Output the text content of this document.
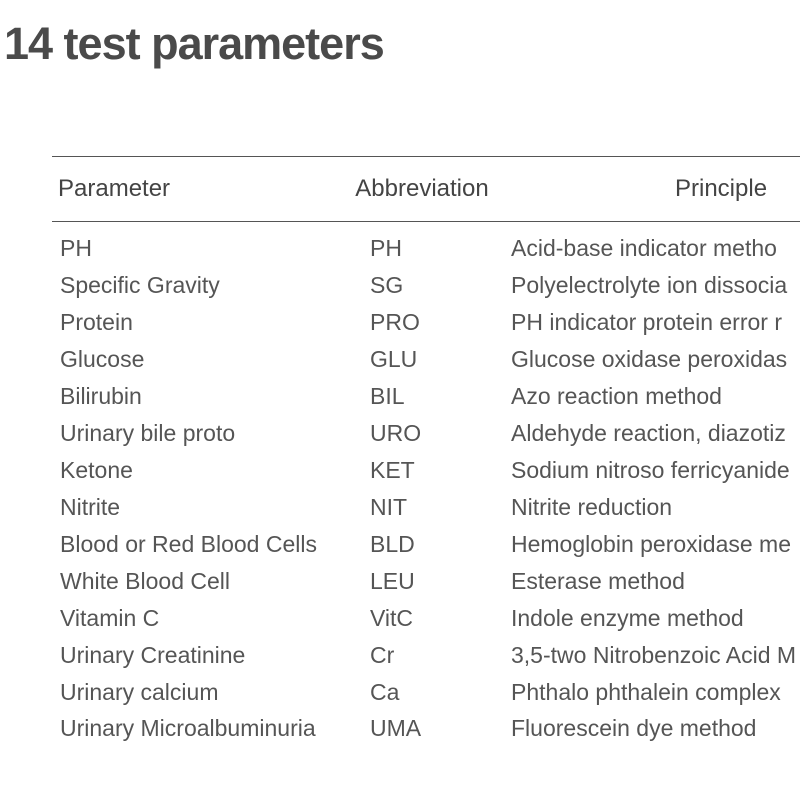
14 test parameters
Parameter	Abbreviation	Principle
PH	PH	Acid-base indicator metho
Specific Gravity	SG	Polyelectrolyte ion dissocia
Protein	PRO	PH indicator protein error r
Glucose	GLU	Glucose oxidase peroxidas
Bilirubin	BIL	Azo reaction method
Urinary bile proto	URO	Aldehyde reaction, diazotiz
Ketone	KET	Sodium nitroso ferricyanide
Nitrite	NIT	Nitrite reduction
Blood or Red Blood Cells	BLD	Hemoglobin peroxidase me
White Blood Cell	LEU	Esterase method
Vitamin C	VitC	Indole enzyme method
Urinary Creatinine	Cr	3,5-two Nitrobenzoic Acid M
Urinary calcium	Ca	Phthalo phthalein complex
Urinary Microalbuminuria	UMA	Fluorescein dye method
